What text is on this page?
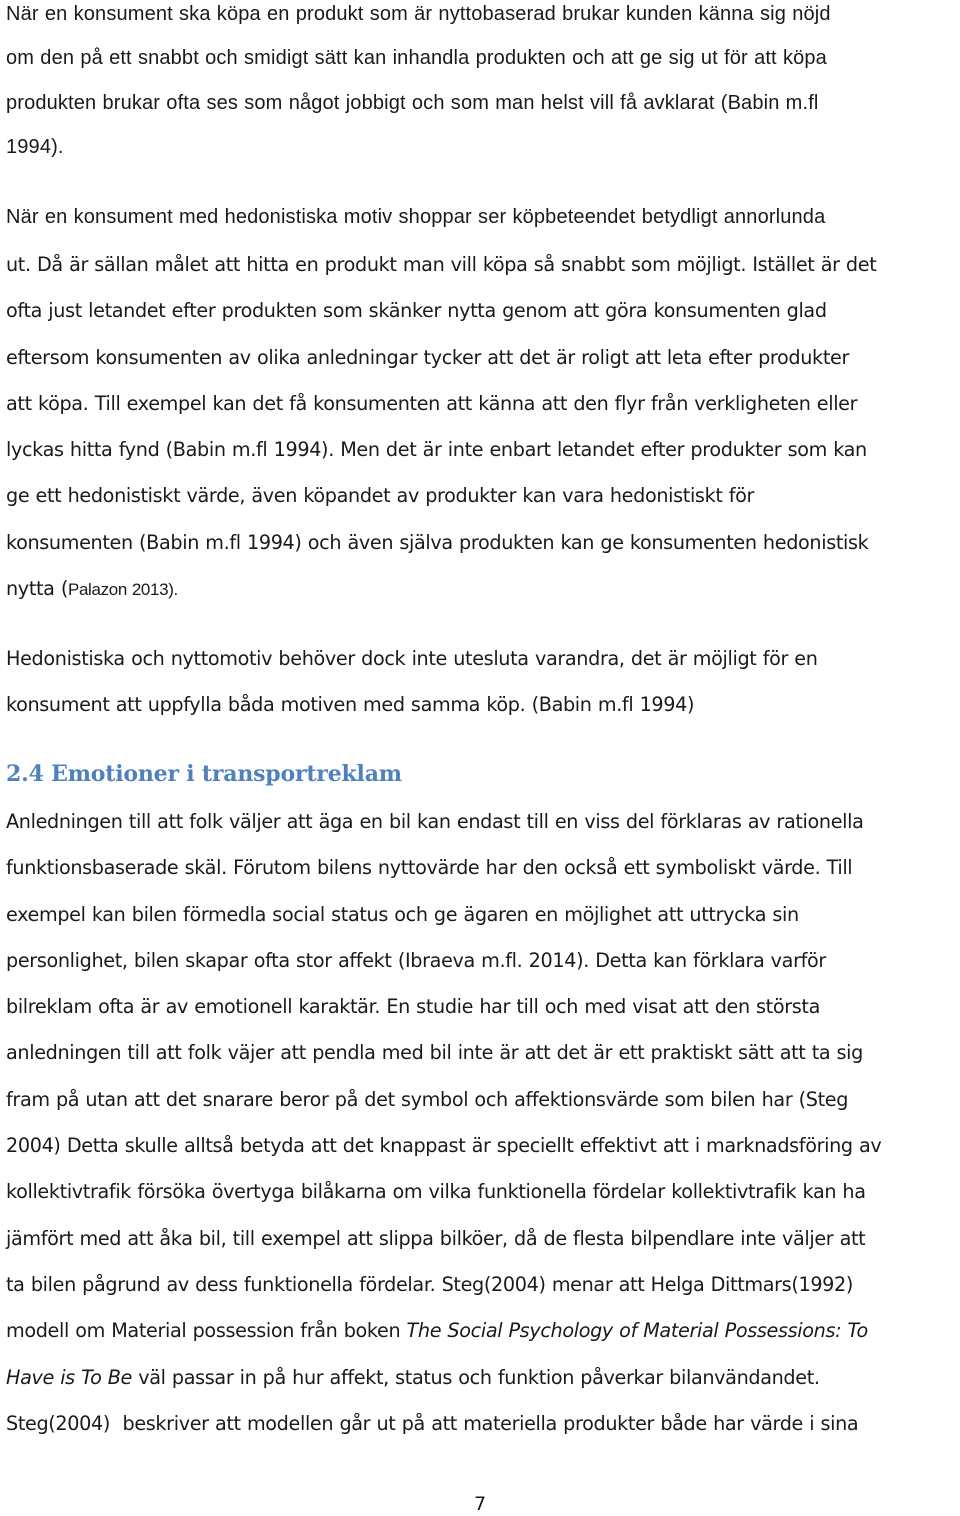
När en konsument ska köpa en produkt som är nyttobaserad brukar kunden känna sig nöjd

om den på ett snabbt och smidigt sätt kan inhandla produkten och att ge sig ut för att köpa

produkten brukar ofta ses som något jobbigt och som man helst vill få avklarat (Babin m.fl

1994).

När en konsument med hedonistiska motiv shoppar ser köpbeteendet betydligt annorlunda

ut. Då är sällan målet att hitta en produkt man vill köpa så snabbt som möjligt. Istället är det

ofta just letandet efter produkten som skänker nytta genom att göra konsumenten glad

eftersom konsumenten av olika anledningar tycker att det är roligt att leta efter produkter

att köpa. Till exempel kan det få konsumenten att känna att den flyr från verkligheten eller

lyckas hitta fynd (Babin m.fl 1994). Men det är inte enbart letandet efter produkter som kan

ge ett hedonistiskt värde, även köpandet av produkter kan vara hedonistiskt för

konsumenten (Babin m.fl 1994) och även själva produkten kan ge konsumenten hedonistisk

nytta (Palazon 2013).

Hedonistiska och nyttomotiv behöver dock inte utesluta varandra, det är möjligt för en

konsument att uppfylla båda motiven med samma köp. (Babin m.fl 1994)

2.4 Emotioner i transportreklam

Anledningen till att folk väljer att äga en bil kan endast till en viss del förklaras av rationella

funktionsbaserade skäl. Förutom bilens nyttovärde har den också ett symboliskt värde. Till

exempel kan bilen förmedla social status och ge ägaren en möjlighet att uttrycka sin

personlighet, bilen skapar ofta stor affekt (Ibraeva m.fl. 2014). Detta kan förklara varför

bilreklam ofta är av emotionell karaktär. En studie har till och med visat att den största

anledningen till att folk väjer att pendla med bil inte är att det är ett praktiskt sätt att ta sig

fram på utan att det snarare beror på det symbol och affektionsvärde som bilen har (Steg

2004) Detta skulle alltså betyda att det knappast är speciellt effektivt att i marknadsföring av

kollektivtrafik försöka övertyga bilåkarna om vilka funktionella fördelar kollektivtrafik kan ha

jämfört med att åka bil, till exempel att slippa bilköer, då de flesta bilpendlare inte väljer att

ta bilen pågrund av dess funktionella fördelar. Steg(2004) menar att Helga Dittmars(1992)

modell om Material possession från boken The Social Psychology of Material Possessions: To

Have is To Be väl passar in på hur affekt, status och funktion påverkar bilanvändandet.

Steg(2004)  beskriver att modellen går ut på att materiella produkter både har värde i sina

7
